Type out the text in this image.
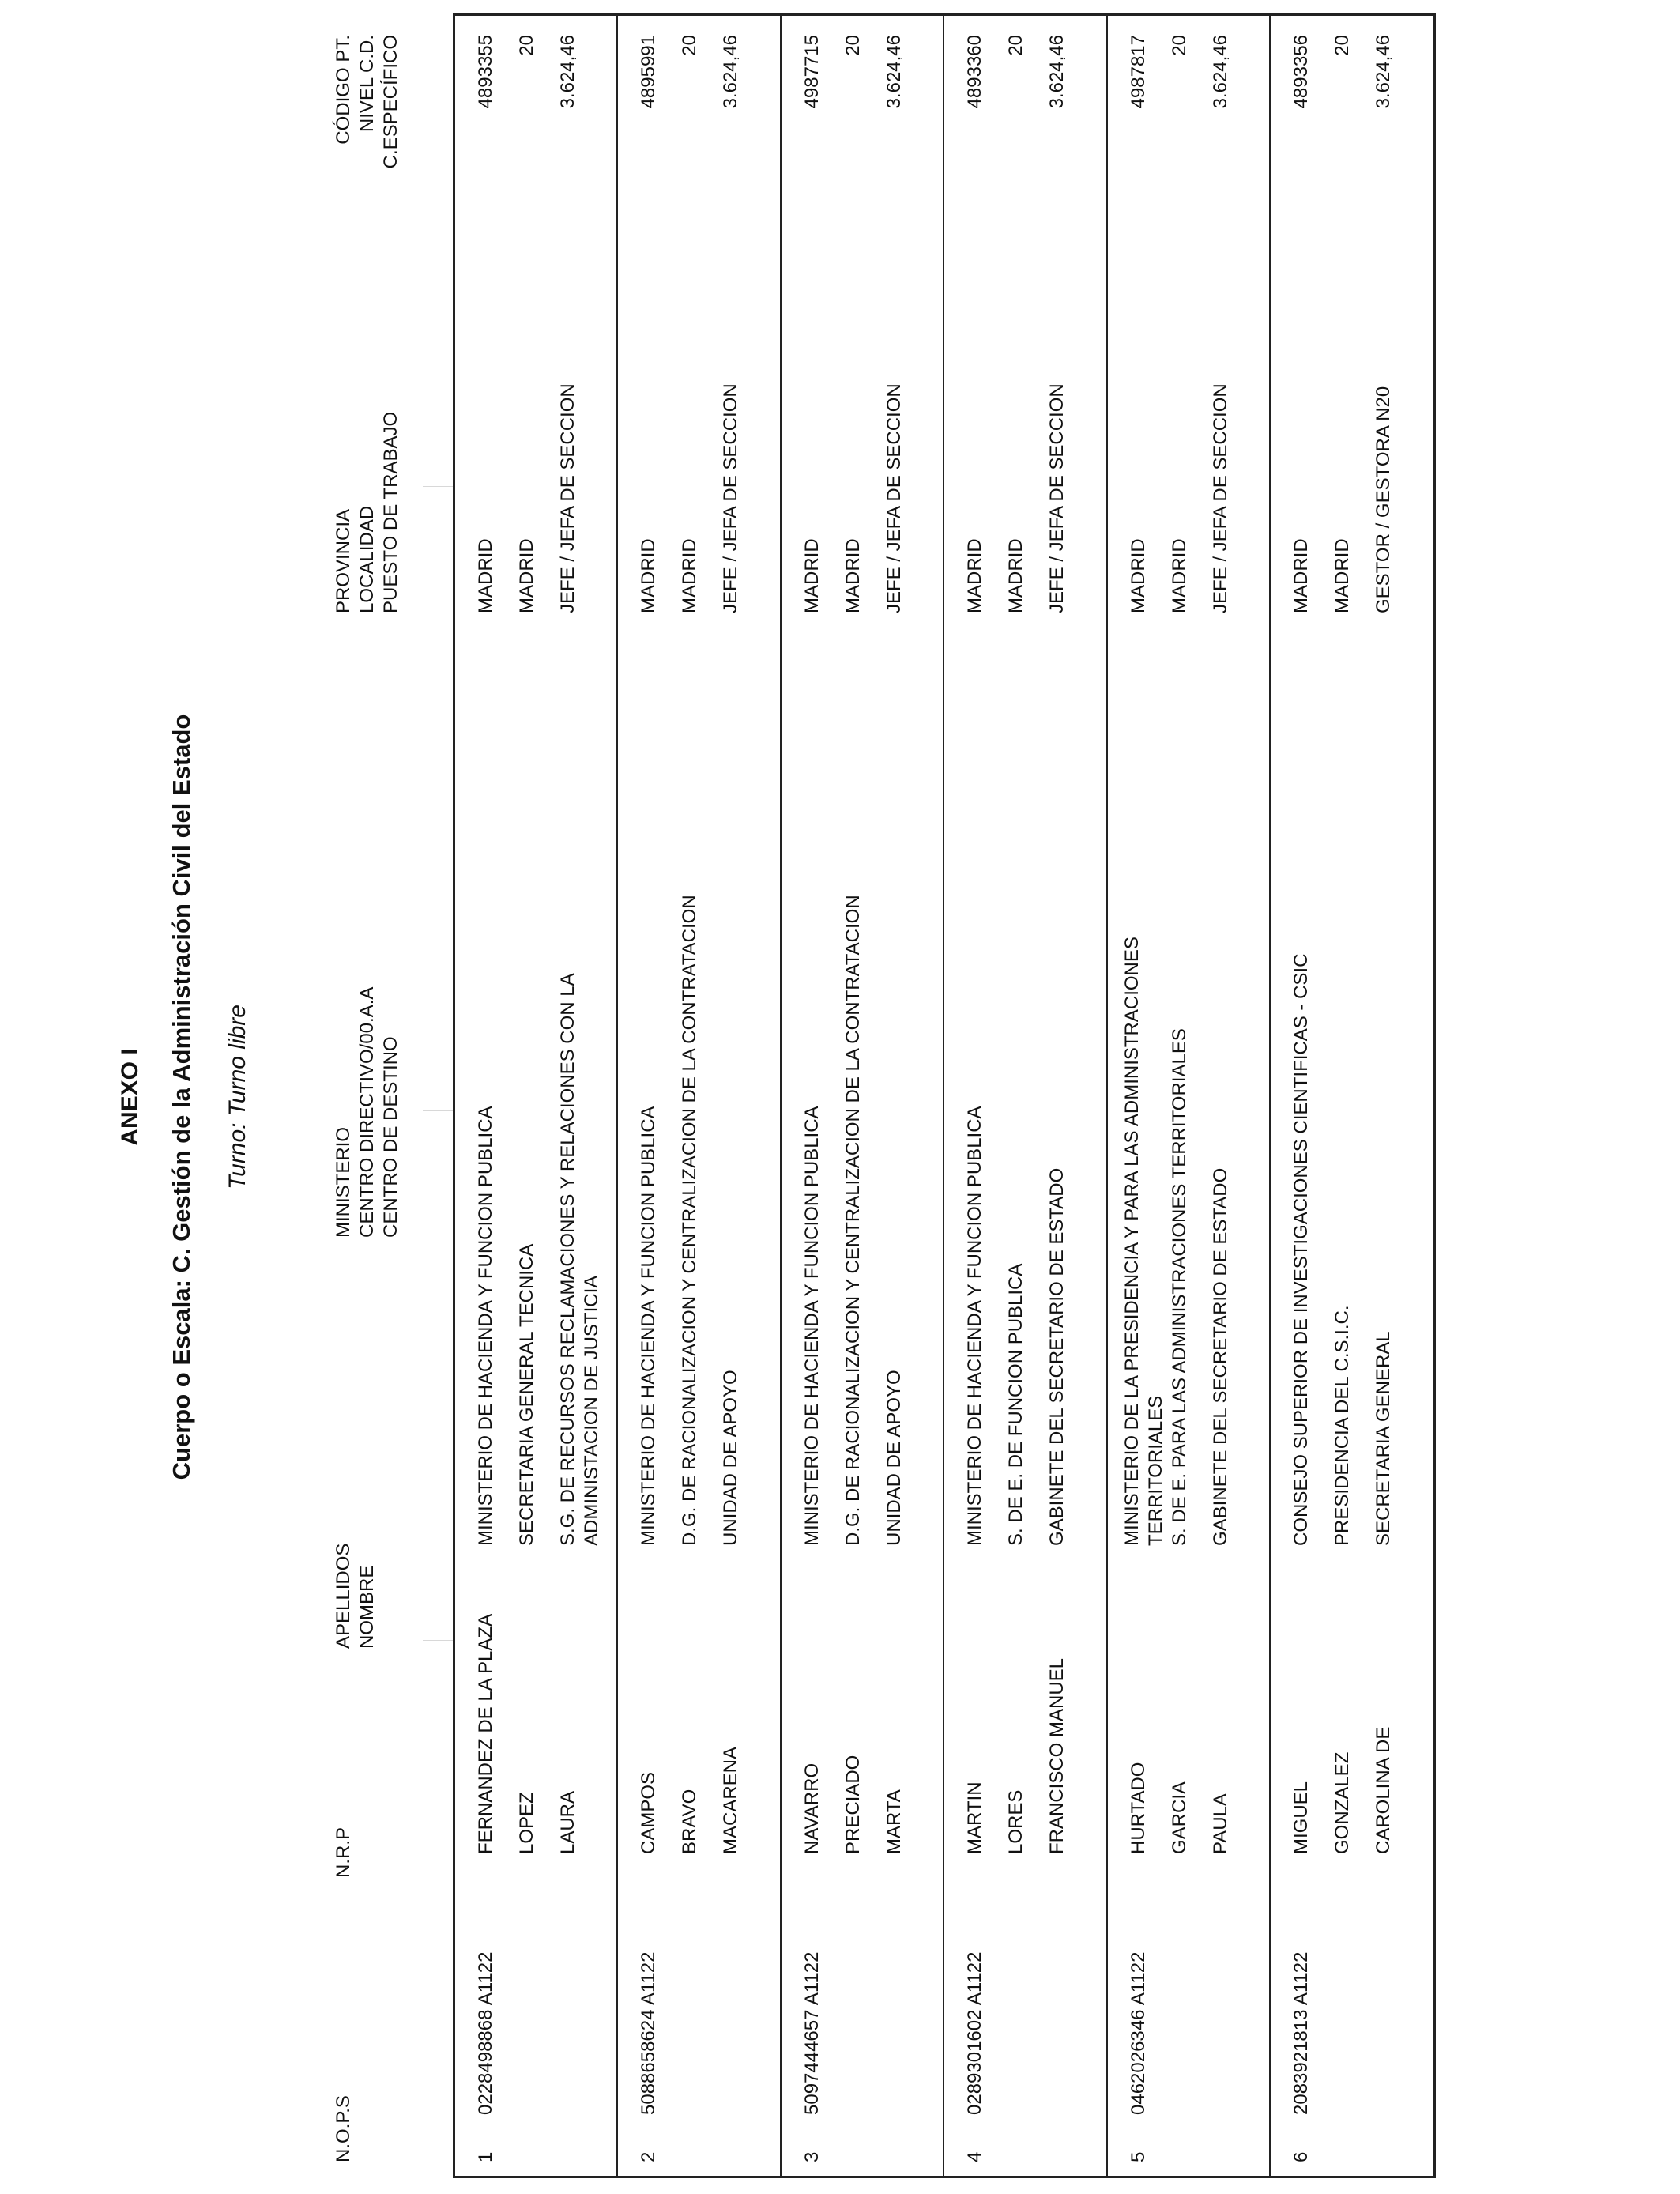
ANEXO I Cuerpo o Escala: C. Gestión de la Administración Civil del Estado Turno: Turno libre
N.O.P.S
N.R.P
APELLIDOS NOMBRE
MINISTERIO CENTRO DIRECTIVO/00.A.A CENTRO DE DESTINO
PROVINCIA LOCALIDAD PUESTO DE TRABAJO
CÓDIGO PT. NIVEL C.D. C.ESPECÍFICO
1
0228498868 A1122
FERNANDEZ DE LA PLAZA LOPEZ LAURA
MINISTERIO DE HACIENDA Y FUNCION PUBLICA SECRETARIA GENERAL TECNICA S.G. DE RECURSOS RECLAMACIONES Y RELACIONES CON LA ADMINISTACION DE JUSTICIA
MADRID MADRID JEFE / JEFA DE SECCION
4893355 20 3.624,46
2
5088658624 A1122
CAMPOS BRAVO MACARENA
MINISTERIO DE HACIENDA Y FUNCION PUBLICA D.G. DE RACIONALIZACION Y CENTRALIZACION DE LA CONTRATACION UNIDAD DE APOYO
MADRID MADRID JEFE / JEFA DE SECCION
4895991 20 3.624,46
3
5097444657 A1122
NAVARRO PRECIADO MARTA
MINISTERIO DE HACIENDA Y FUNCION PUBLICA D.G. DE RACIONALIZACION Y CENTRALIZACION DE LA CONTRATACION UNIDAD DE APOYO
MADRID MADRID JEFE / JEFA DE SECCION
4987715 20 3.624,46
4
0289301602 A1122
MARTIN LORES FRANCISCO MANUEL
MINISTERIO DE HACIENDA Y FUNCION PUBLICA S. DE E. DE FUNCION PUBLICA GABINETE DEL SECRETARIO DE ESTADO
MADRID MADRID JEFE / JEFA DE SECCION
4893360 20 3.624,46
5
0462026346 A1122
HURTADO GARCIA PAULA
MINISTERIO DE LA PRESIDENCIA Y PARA LAS ADMINISTRACIONES TERRITORIALES S. DE E. PARA LAS ADMINISTRACIONES TERRITORIALES GABINETE DEL SECRETARIO DE ESTADO
MADRID MADRID JEFE / JEFA DE SECCION
4987817 20 3.624,46
6
2083921813 A1122
MIGUEL GONZALEZ CAROLINA DE
CONSEJO SUPERIOR DE INVESTIGACIONES CIENTIFICAS - CSIC PRESIDENCIA DEL C.S.I.C. SECRETARIA GENERAL
MADRID MADRID GESTOR / GESTORA N20
4893356 20 3.624,46
